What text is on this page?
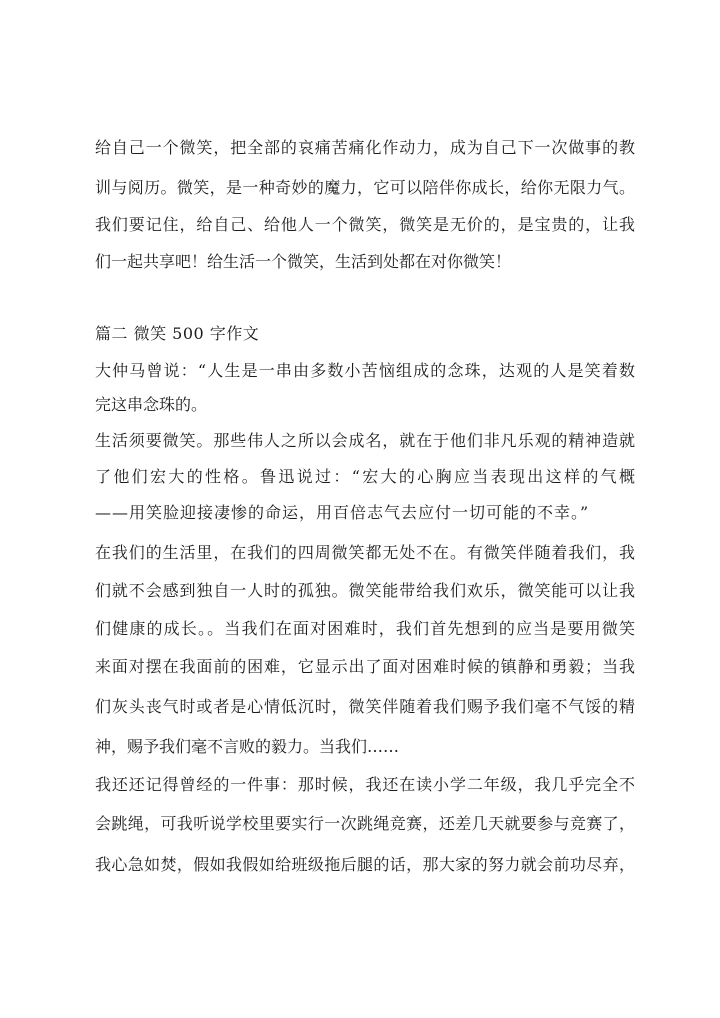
给自己一个微笑，把全部的哀痛苦痛化作动力，成为自己下一次做事的教
训与阅历。微笑，是一种奇妙的魔力，它可以陪伴你成长，给你无限力气。
我们要记住，给自己、给他人一个微笑，微笑是无价的，是宝贵的，让我
们一起共享吧！给生活一个微笑，生活到处都在对你微笑！
篇二 微笑 500 字作文
大仲马曾说：“人生是一串由多数小苦恼组成的念珠，达观的人是笑着数
完这串念珠的。
生活须要微笑。那些伟人之所以会成名，就在于他们非凡乐观的精神造就
了他们宏大的性格。鲁迅说过：“宏大的心胸应当表现出这样的气概
——用笑脸迎接凄惨的命运，用百倍志气去应付一切可能的不幸。”
在我们的生活里，在我们的四周微笑都无处不在。有微笑伴随着我们，我
们就不会感到独自一人时的孤独。微笑能带给我们欢乐，微笑能可以让我
们健康的成长。。当我们在面对困难时，我们首先想到的应当是要用微笑
来面对摆在我面前的困难，它显示出了面对困难时候的镇静和勇毅；当我
们灰头丧气时或者是心情低沉时，微笑伴随着我们赐予我们毫不气馁的精
神，赐予我们毫不言败的毅力。当我们……
我还还记得曾经的一件事：那时候，我还在读小学二年级，我几乎完全不
会跳绳，可我听说学校里要实行一次跳绳竞赛，还差几天就要参与竞赛了，
我心急如焚，假如我假如给班级拖后腿的话，那大家的努力就会前功尽弃，
